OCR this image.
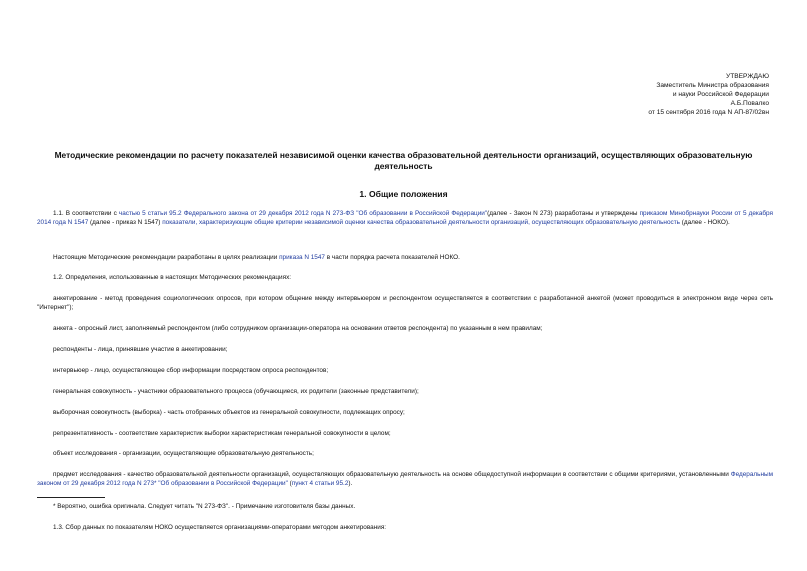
УТВЕРЖДАЮ
Заместитель Министра образования
и науки Российской Федерации
А.Б.Повалко
от 15 сентября 2016 года N АП-87/02вн
Методические рекомендации по расчету показателей независимой оценки качества образовательной деятельности организаций, осуществляющих образовательную деятельность
1. Общие положения
1.1. В соответствии с частью 5 статьи 95.2 Федерального закона от 29 декабря 2012 года N 273-ФЗ "Об образовании в Российской Федерации"(далее - Закон N 273) разработаны и утверждены приказом Минобрнауки России от 5 декабря 2014 года N 1547 (далее - приказ N 1547) показатели, характеризующие общие критерии независимой оценки качества образовательной деятельности организаций, осуществляющих образовательную деятельность (далее - НОКО).
Настоящие Методические рекомендации разработаны в целях реализации приказа N 1547 в части порядка расчета показателей НОКО.
1.2. Определения, использованные в настоящих Методических рекомендациях:
анкетирование - метод проведения социологических опросов, при котором общение между интервьюером и респондентом осуществляется в соответствии с разработанной анкетой (может проводиться в электронном виде через сеть "Интернет");
анкета - опросный лист, заполняемый респондентом (либо сотрудником организации-оператора на основании ответов респондента) по указанным в нем правилам;
респонденты - лица, принявшие участие в анкетировании;
интервьюер - лицо, осуществляющее сбор информации посредством опроса респондентов;
генеральная совокупность - участники образовательного процесса (обучающиеся, их родители (законные представители);
выборочная совокупность (выборка) - часть отобранных объектов из генеральной совокупности, подлежащих опросу;
репрезентативность - соответствие характеристик выборки характеристикам генеральной совокупности в целом;
объект исследования - организации, осуществляющие образовательную деятельность;
предмет исследования - качество образовательной деятельности организаций, осуществляющих образовательную деятельность на основе общедоступной информации в соответствии с общими критериями, установленными Федеральным законом от 29 декабря 2012 года N 273* "Об образовании в Российской Федерации" (пункт 4 статьи 95.2).
* Вероятно, ошибка оригинала. Следует читать "N 273-ФЗ". - Примечание изготовителя базы данных.
1.3. Сбор данных по показателям НОКО осуществляется организациями-операторами методом анкетирования:
